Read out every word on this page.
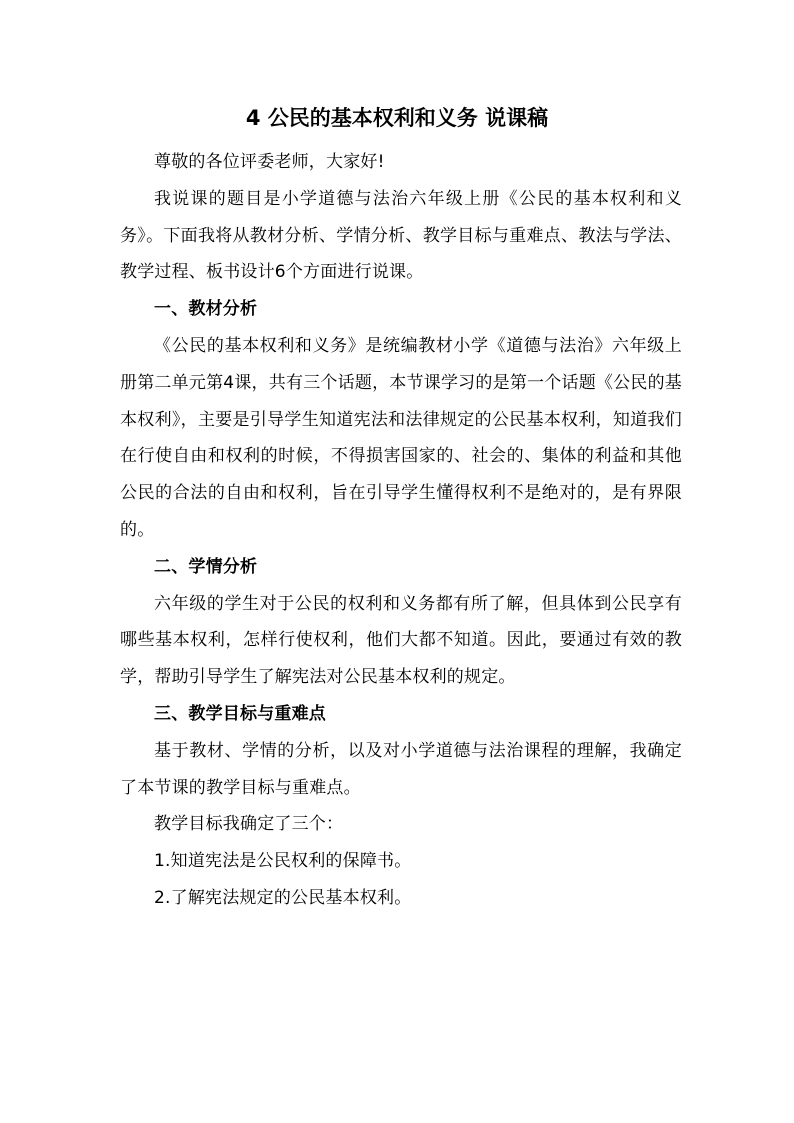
4 公民的基本权利和义务 说课稿

尊敬的各位评委老师，大家好!

我说课的题目是小学道德与法治六年级上册《公民的基本权利和义务》。下面我将从教材分析、学情分析、教学目标与重难点、教法与学法、教学过程、板书设计6个方面进行说课。

一、教材分析

《公民的基本权利和义务》是统编教材小学《道德与法治》六年级上册第二单元第4课，共有三个话题，本节课学习的是第一个话题《公民的基本权利》，主要是引导学生知道宪法和法律规定的公民基本权利，知道我们在行使自由和权利的时候，不得损害国家的、社会的、集体的利益和其他公民的合法的自由和权利，旨在引导学生懂得权利不是绝对的，是有界限的。

二、学情分析

六年级的学生对于公民的权利和义务都有所了解，但具体到公民享有哪些基本权利，怎样行使权利，他们大都不知道。因此，要通过有效的教学，帮助引导学生了解宪法对公民基本权利的规定。

三、教学目标与重难点

基于教材、学情的分析，以及对小学道德与法治课程的理解，我确定了本节课的教学目标与重难点。

教学目标我确定了三个：

1.知道宪法是公民权利的保障书。

2.了解宪法规定的公民基本权利。
